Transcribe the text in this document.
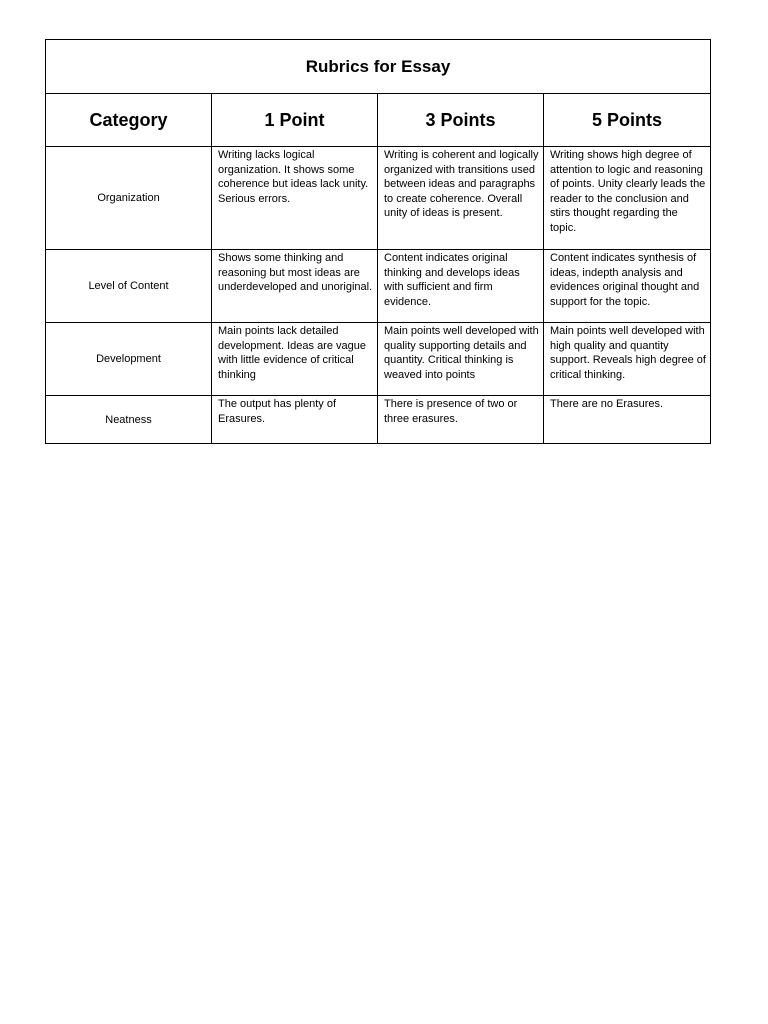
Rubrics for Essay			
Category	1 Point	3 Points	5 Points
Organization	Writing lacks logical organization. It shows some coherence but ideas lack unity. Serious errors.	Writing is coherent and logically organized with transitions used between ideas and paragraphs to create coherence. Overall unity of ideas is present.	Writing shows high degree of attention to logic and reasoning of points. Unity clearly leads the reader to the conclusion and stirs thought regarding the topic.
Level of Content	Shows some thinking and reasoning but most ideas are underdeveloped and unoriginal.	Content indicates original thinking and develops ideas with sufficient and firm evidence.	Content indicates synthesis of ideas, indepth analysis and evidences original thought and support for the topic.
Development	Main points lack detailed development. Ideas are vague with little evidence of critical thinking	Main points well developed with quality supporting details and quantity. Critical thinking is weaved into points	Main points well developed with high quality and quantity support. Reveals high degree of critical thinking.
Neatness	The output has plenty of Erasures.	There is presence of two or three erasures.	There are no Erasures.
